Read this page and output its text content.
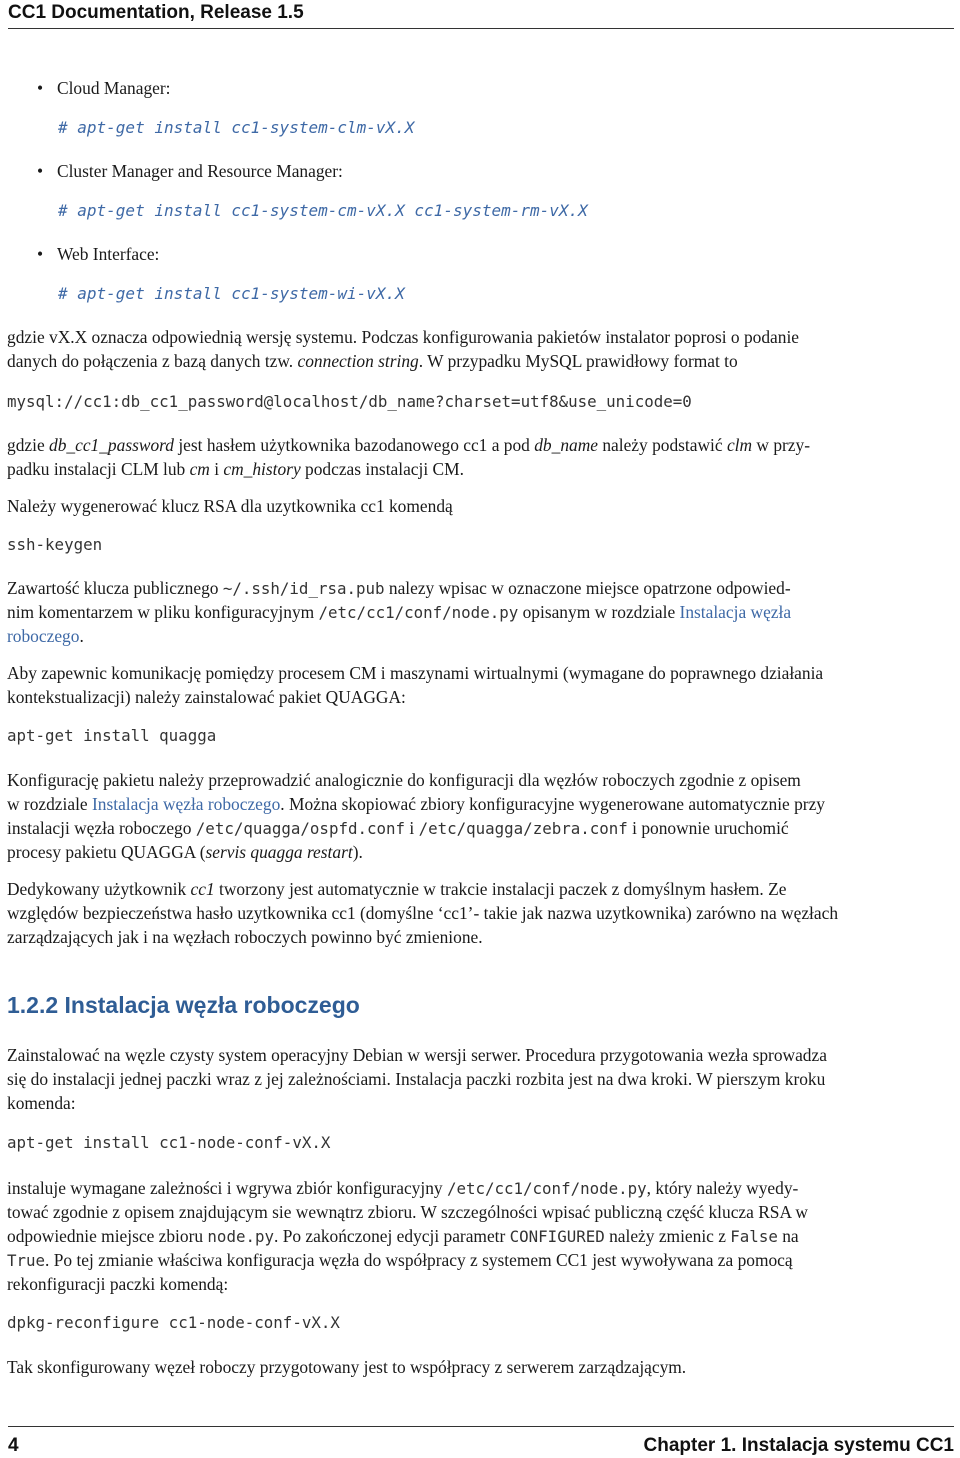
CC1 Documentation, Release 1.5
• Cloud Manager:
# apt-get install cc1-system-clm-vX.X
• Cluster Manager and Resource Manager:
# apt-get install cc1-system-cm-vX.X cc1-system-rm-vX.X
• Web Interface:
# apt-get install cc1-system-wi-vX.X
gdzie vX.X oznacza odpowiednią wersję systemu. Podczas konfigurowania pakietów instalator poprosi o podanie
danych do połączenia z bazą danych tzw. connection string. W przypadku MySQL prawidłowy format to
mysql://cc1:db_cc1_password@localhost/db_name?charset=utf8&use_unicode=0
gdzie db_cc1_password jest hasłem użytkownika bazodanowego cc1 a pod db_name należy podstawić clm w przy-
padku instalacji CLM lub cm i cm_history podczas instalacji CM.
Należy wygenerować klucz RSA dla uzytkownika cc1 komendą
ssh-keygen
Zawartość klucza publicznego ~/.ssh/id_rsa.pub nalezy wpisac w oznaczone miejsce opatrzone odpowied-
nim komentarzem w pliku konfiguracyjnym /etc/cc1/conf/node.py opisanym w rozdziale Instalacja węzła
roboczego.
Aby zapewnic komunikację pomiędzy procesem CM i maszynami wirtualnymi (wymagane do poprawnego działania
kontekstualizacji) należy zainstalować pakiet QUAGGA:
apt-get install quagga
Konfigurację pakietu należy przeprowadzić analogicznie do konfiguracji dla węzłów roboczych zgodnie z opisem
w rozdziale Instalacja węzła roboczego. Można skopiować zbiory konfiguracyjne wygenerowane automatycznie przy
instalacji węzła roboczego /etc/quagga/ospfd.conf i /etc/quagga/zebra.conf i ponownie uruchomić
procesy pakietu QUAGGA (servis quagga restart).
Dedykowany użytkownik cc1 tworzony jest automatycznie w trakcie instalacji paczek z domyślnym hasłem. Ze
względów bezpieczeństwa hasło uzytkownika cc1 (domyślne ‘cc1’- takie jak nazwa uzytkownika) zarówno na węzłach
zarządzających jak i na węzłach roboczych powinno być zmienione.
1.2.2 Instalacja węzła roboczego
Zainstalować na węzle czysty system operacyjny Debian w wersji serwer. Procedura przygotowania wezła sprowadza
się do instalacji jednej paczki wraz z jej zależnościami. Instalacja paczki rozbita jest na dwa kroki. W pierszym kroku
komenda:
apt-get install cc1-node-conf-vX.X
instaluje wymagane zależności i wgrywa zbiór konfiguracyjny /etc/cc1/conf/node.py, który należy wyedy-
tować zgodnie z opisem znajdującym sie wewnątrz zbioru. W szczególności wpisać publiczną część klucza RSA w
odpowiednie miejsce zbioru node.py. Po zakończonej edycji parametr CONFIGURED należy zmienic z False na
True. Po tej zmianie właściwa konfiguracja węzła do współpracy z systemem CC1 jest wywoływana za pomocą
rekonfiguracji paczki komendą:
dpkg-reconfigure cc1-node-conf-vX.X
Tak skonfigurowany węzeł roboczy przygotowany jest to współpracy z serwerem zarządzającym.
4	Chapter 1. Instalacja systemu CC1
